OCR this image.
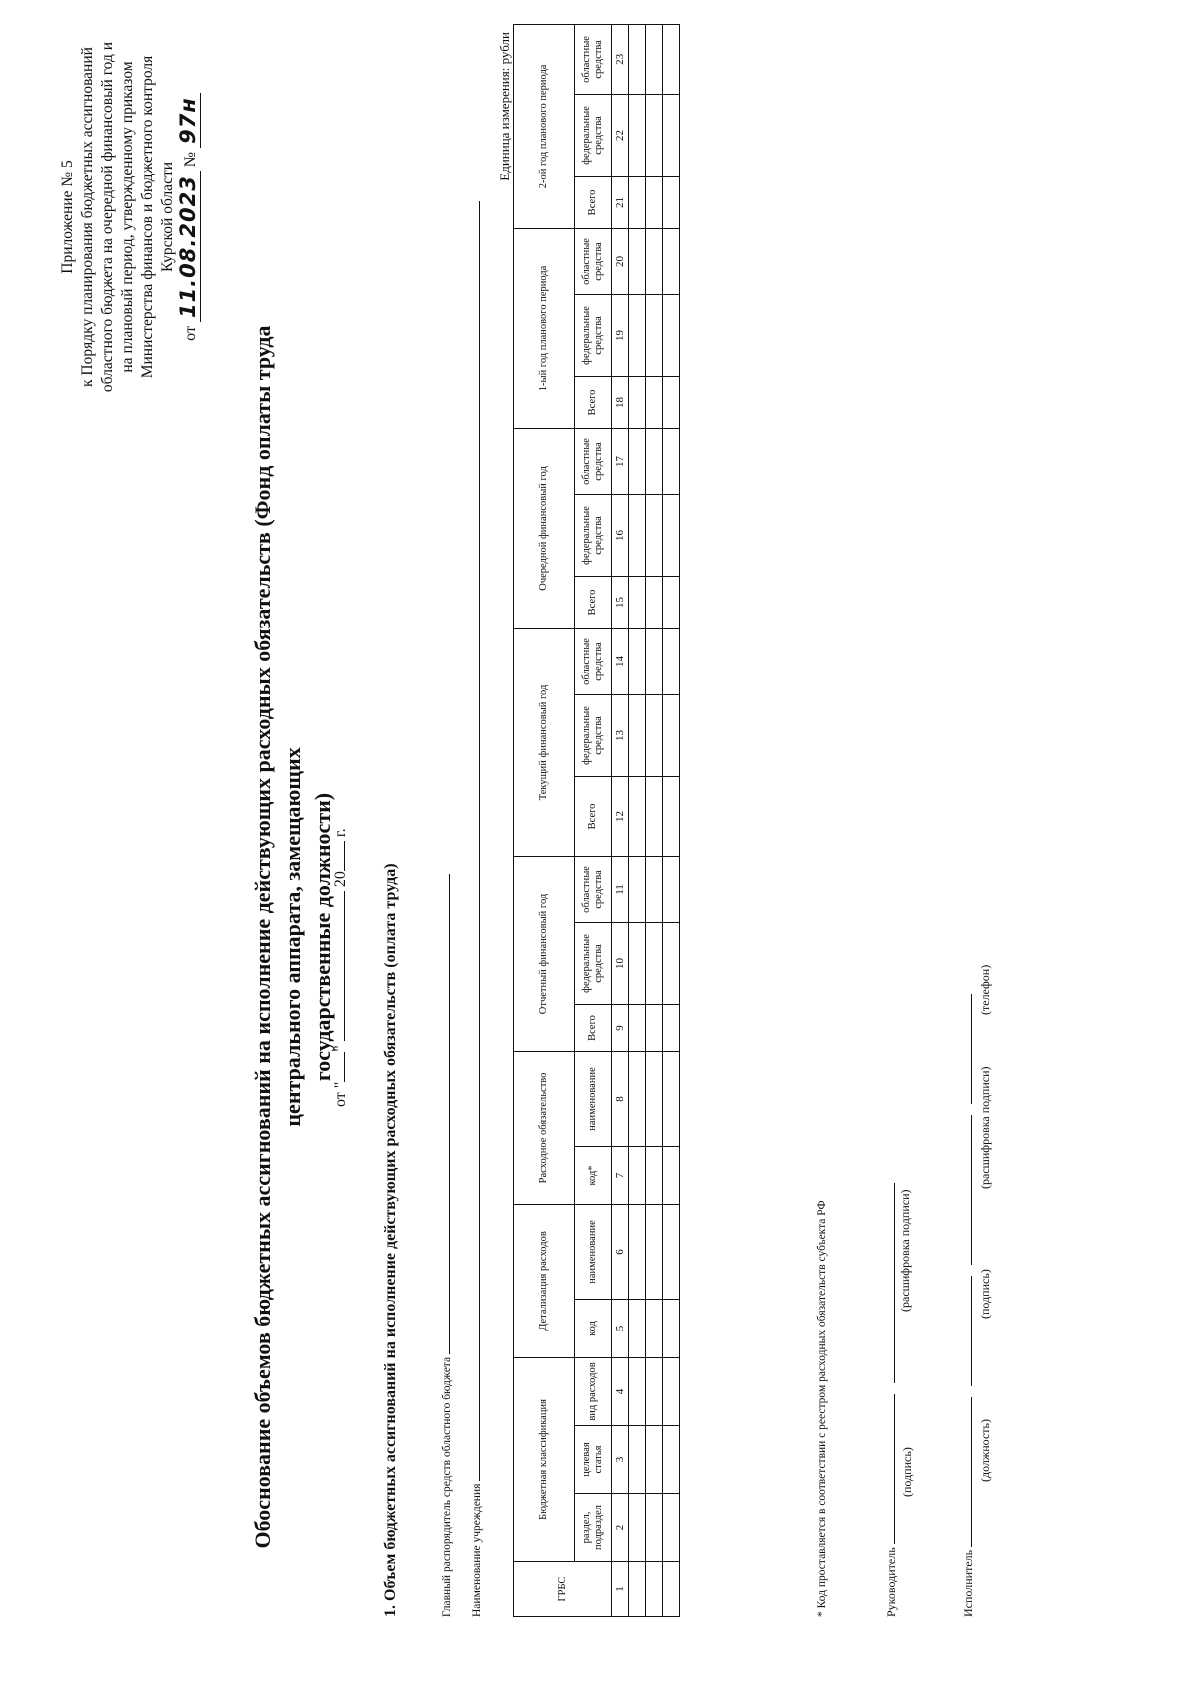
Приложение № 5 к Порядку планирования бюджетных ассигнований областного бюджета на очередной финансовый год и на плановый период, утвержденному приказом Министерства финансов и бюджетного контроля Курской области
от 11.08.2023 № 97н
Обоснование объемов бюджетных ассигнований на исполнение действующих расходных обязательств (Фонд оплаты труда центрального аппарата, замещающих государственные должности)
от ""  20 г.
1. Объем бюджетных ассигнований на исполнение действующих расходных обязательств (оплата труда)	Главный распорядитель средств областного бюджета Наименование учреждения
Единица измерения: рубли
ГРБС	Бюджетная классификация			Детализация расходов		Расходное обязательство		Отчетный финансовый год			Текущий финансовый год			Очередной финансовый год			1-ый год планового периода			2-ой год планового периода		
	раздел, подраздел	целевая статья	вид расходов	код	наименование	код*	наименование	Всего	федеральные средства	областные средства	Всего	федеральные средства	областные средства	Всего	федеральные средства	областные средства	Всего	федеральные средства	областные средства	Всего	федеральные средства	областные средства
1	2	3	4	5	6	7	8	9	10	11	12	13	14	15	16	17	18	19	20	21	22	23

* Код проставляется в соответствии с реестром расходных обязательств субъекта РФ	Руководитель
(подпись)
(расшифровка подписи)
Исполнитель
(должность)
(подпись)
(расшифровка подписи)
(телефон)
